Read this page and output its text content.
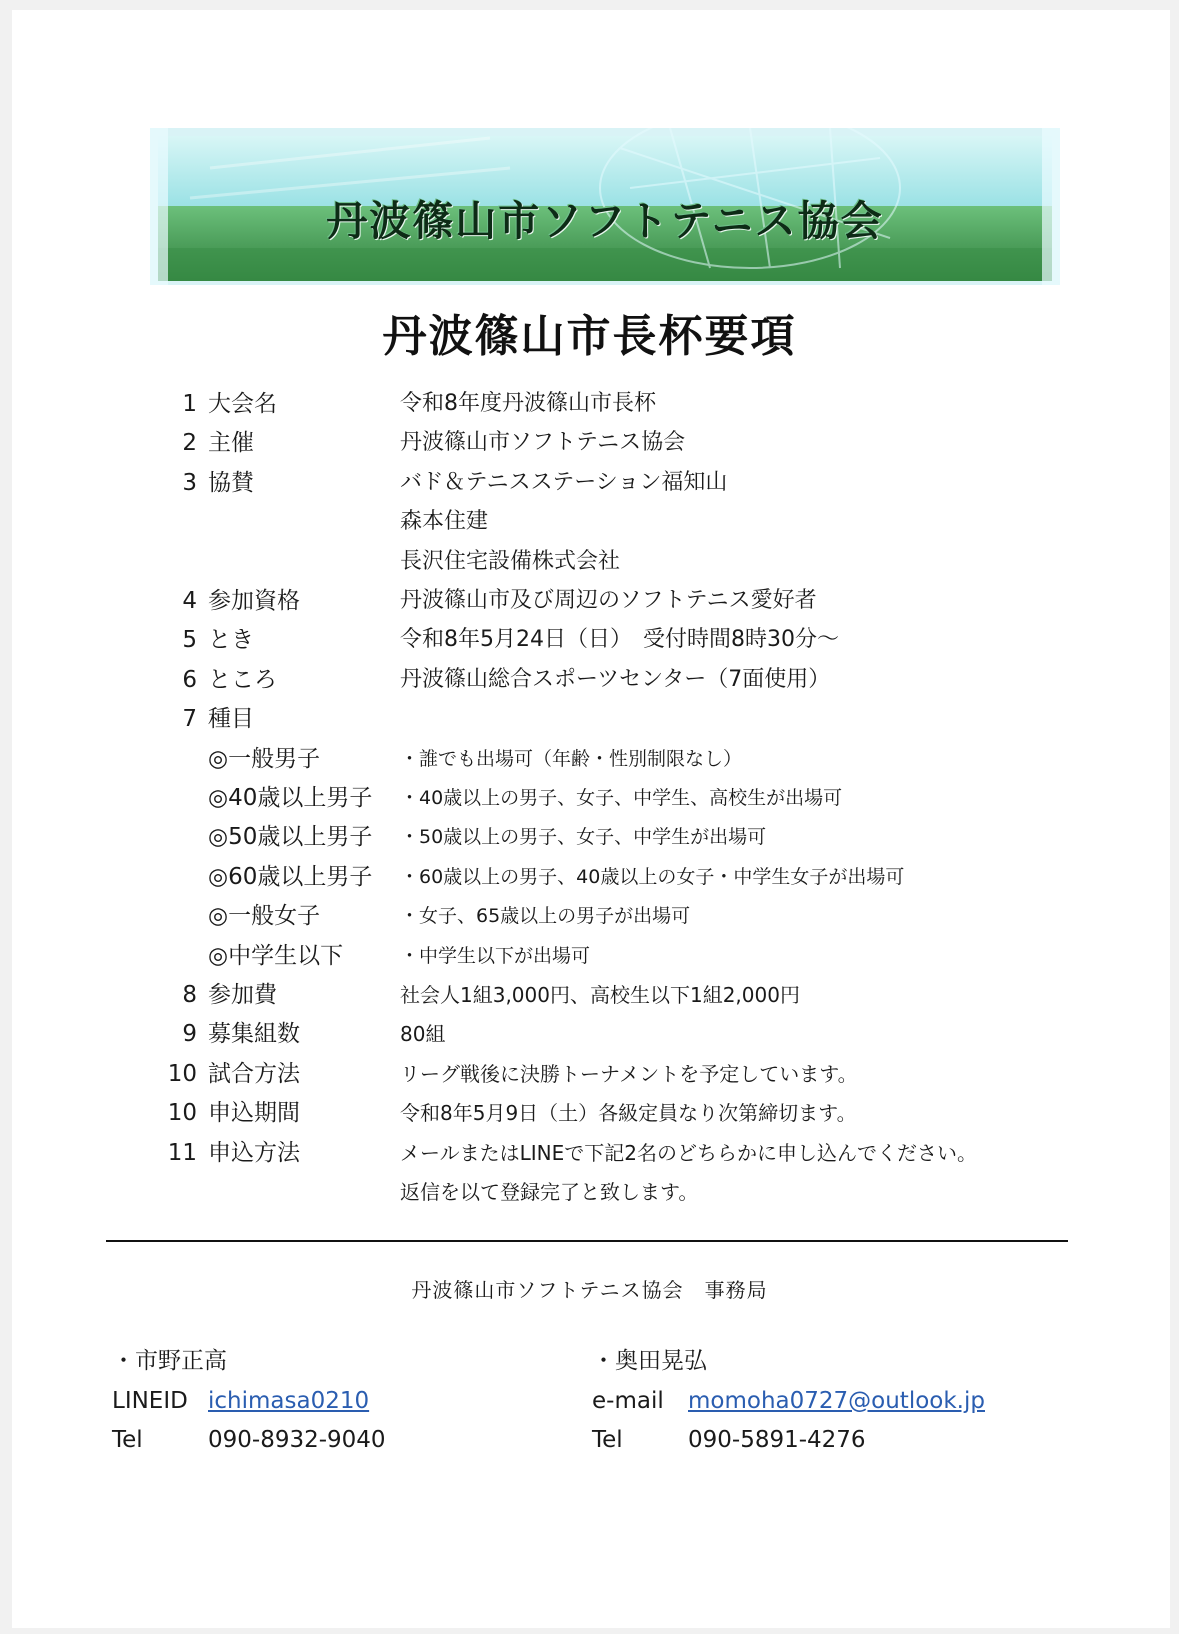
丹波篠山市ソフトテニス協会
丹波篠山市長杯要項
1 大会名	令和8年度丹波篠山市長杯
2 主催	丹波篠山市ソフトテニス協会
3 協賛	バド＆テニスステーション福知山
森本住建
長沢住宅設備株式会社
4 参加資格	丹波篠山市及び周辺のソフトテニス愛好者
5 とき	令和8年5月24日（日）　受付時間8時30分～
6 ところ	丹波篠山総合スポーツセンター（7面使用）
7 種目
◎一般男子	・誰でも出場可（年齢・性別制限なし）
◎40歳以上男子 ・40歳以上の男子、女子、中学生、高校生が出場可
◎50歳以上男子 ・50歳以上の男子、女子、中学生が出場可
◎60歳以上男子 ・60歳以上の男子、40歳以上の女子・中学生女子が出場可
◎一般女子	・女子、65歳以上の男子が出場可
◎中学生以下	・中学生以下が出場可
8 参加費	社会人1組3,000円、高校生以下1組2,000円
9 募集組数	80組
10 試合方法	リーグ戦後に決勝トーナメントを予定しています。
10 申込期間	令和8年5月9日（土）各級定員なり次第締切ます。
11 申込方法	メールまたはLINEで下記2名のどちらかに申し込んでください。
返信を以て登録完了と致します。
丹波篠山市ソフトテニス協会　事務局
・市野正高
LINEID ichimasa0210
Tel	090-8932-9040
・奥田晃弘
e-mail momoha0727@outlook.jp
Tel	090-5891-4276
